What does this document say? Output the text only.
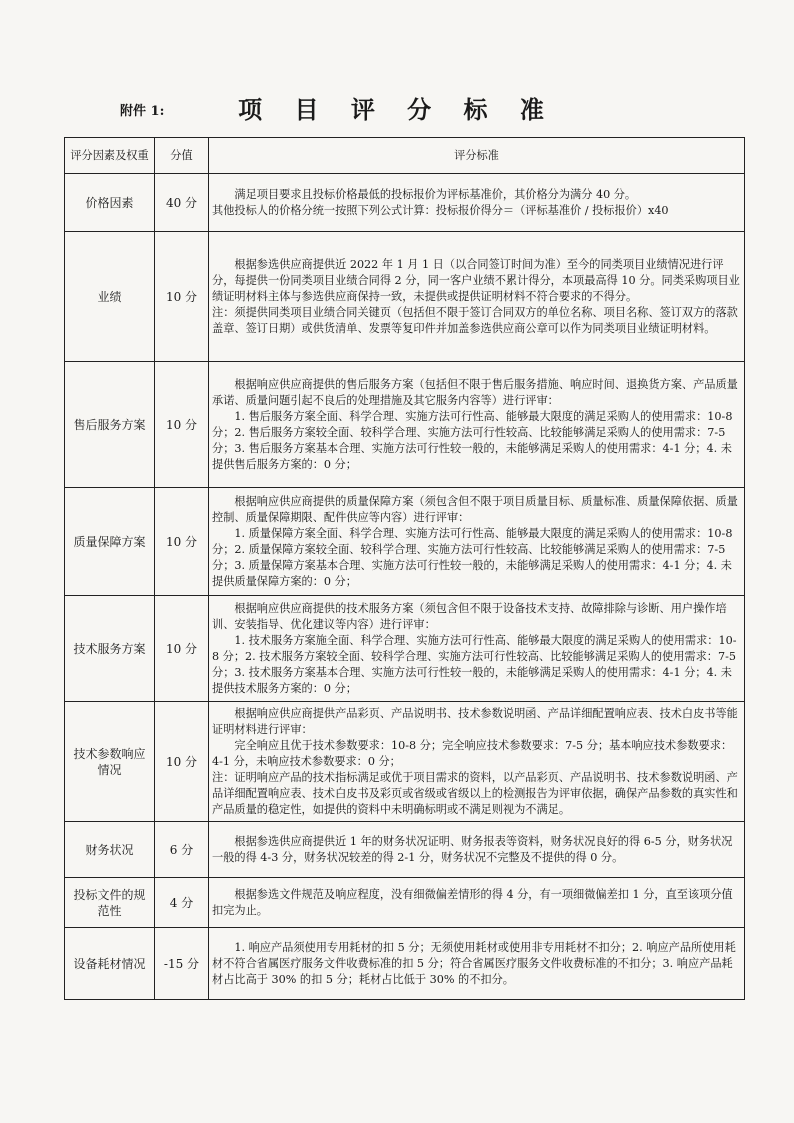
附件 1:	项 目 评 分 标 准
评分因素及权重	分值	评分标准
价格因素	40 分	满足项目要求且投标价格最低的投标报价为评标基准价，其价格分为满分 40 分。

其他投标人的价格分统一按照下列公式计算：投标报价得分＝（评标基准价 / 投标报价）x40

业绩	10 分	根据参选供应商提供近 2022 年 1 月 1 日（以合同签订时间为准）至今的同类项目业绩情况进行评分，每提供一份同类项目业绩合同得 2 分，同一客户业绩不累计得分，本项最高得 10 分。同类采购项目业绩证明材料主体与参选供应商保持一致，未提供或提供证明材料不符合要求的不得分。

注：须提供同类项目业绩合同关键页（包括但不限于签订合同双方的单位名称、项目名称、签订双方的落款盖章、签订日期）或供货清单、发票等复印件并加盖参选供应商公章可以作为同类项目业绩证明材料。

售后服务方案	10 分	根据响应供应商提供的售后服务方案（包括但不限于售后服务措施、响应时间、退换货方案、产品质量承诺、质量问题引起不良后的处理措施及其它服务内容等）进行评审：

1. 售后服务方案全面、科学合理、实施方法可行性高、能够最大限度的满足采购人的使用需求：10-8 分；2. 售后服务方案较全面、较科学合理、实施方法可行性较高、比较能够满足采购人的使用需求：7-5 分；3. 售后服务方案基本合理、实施方法可行性较一般的，未能够满足采购人的使用需求：4-1 分；4. 未提供售后服务方案的：0 分；

质量保障方案	10 分	根据响应供应商提供的质量保障方案（须包含但不限于项目质量目标、质量标准、质量保障依据、质量控制、质量保障期限、配件供应等内容）进行评审：

1. 质量保障方案全面、科学合理、实施方法可行性高、能够最大限度的满足采购人的使用需求：10-8 分；2. 质量保障方案较全面、较科学合理、实施方法可行性较高、比较能够满足采购人的使用需求：7-5 分；3. 质量保障方案基本合理、实施方法可行性较一般的，未能够满足采购人的使用需求：4-1 分；4. 未提供质量保障方案的：0 分；

技术服务方案	10 分	根据响应供应商提供的技术服务方案（须包含但不限于设备技术支持、故障排除与诊断、用户操作培训、安装指导、优化建议等内容）进行评审：

1. 技术服务方案施全面、科学合理、实施方法可行性高、能够最大限度的满足采购人的使用需求：10-8 分；2. 技术服务方案较全面、较科学合理、实施方法可行性较高、比较能够满足采购人的使用需求：7-5 分；3. 技术服务方案基本合理、实施方法可行性较一般的，未能够满足采购人的使用需求：4-1 分；4. 未提供技术服务方案的：0 分；

技术参数响应情况	10 分	根据响应供应商提供产品彩页、产品说明书、技术参数说明函、产品详细配置响应表、技术白皮书等能证明材料进行评审：

完全响应且优于技术参数要求：10-8 分；完全响应技术参数要求：7-5 分；基本响应技术参数要求：4-1 分，未响应技术参数要求：0 分；

注：证明响应产品的技术指标满足或优于项目需求的资料，以产品彩页、产品说明书、技术参数说明函、产品详细配置响应表、技术白皮书及彩页或省级或省级以上的检测报告为评审依据，确保产品参数的真实性和产品质量的稳定性，如提供的资料中未明确标明或不满足则视为不满足。

财务状况	6 分	根据参选供应商提供近 1 年的财务状况证明、财务报表等资料，财务状况良好的得 6-5 分，财务状况一般的得 4-3 分，财务状况较差的得 2-1 分，财务状况不完整及不提供的得 0 分。

投标文件的规范性	4 分	根据参选文件规范及响应程度，没有细微偏差情形的得 4 分，有一项细微偏差扣 1 分，直至该项分值扣完为止。

设备耗材情况	-15 分	1. 响应产品须使用专用耗材的扣 5 分；无须使用耗材或使用非专用耗材不扣分；2. 响应产品所使用耗材不符合省属医疗服务文件收费标准的扣 5 分；符合省属医疗服务文件收费标准的不扣分；3. 响应产品耗材占比高于 30% 的扣 5 分；耗材占比低于 30% 的不扣分。
